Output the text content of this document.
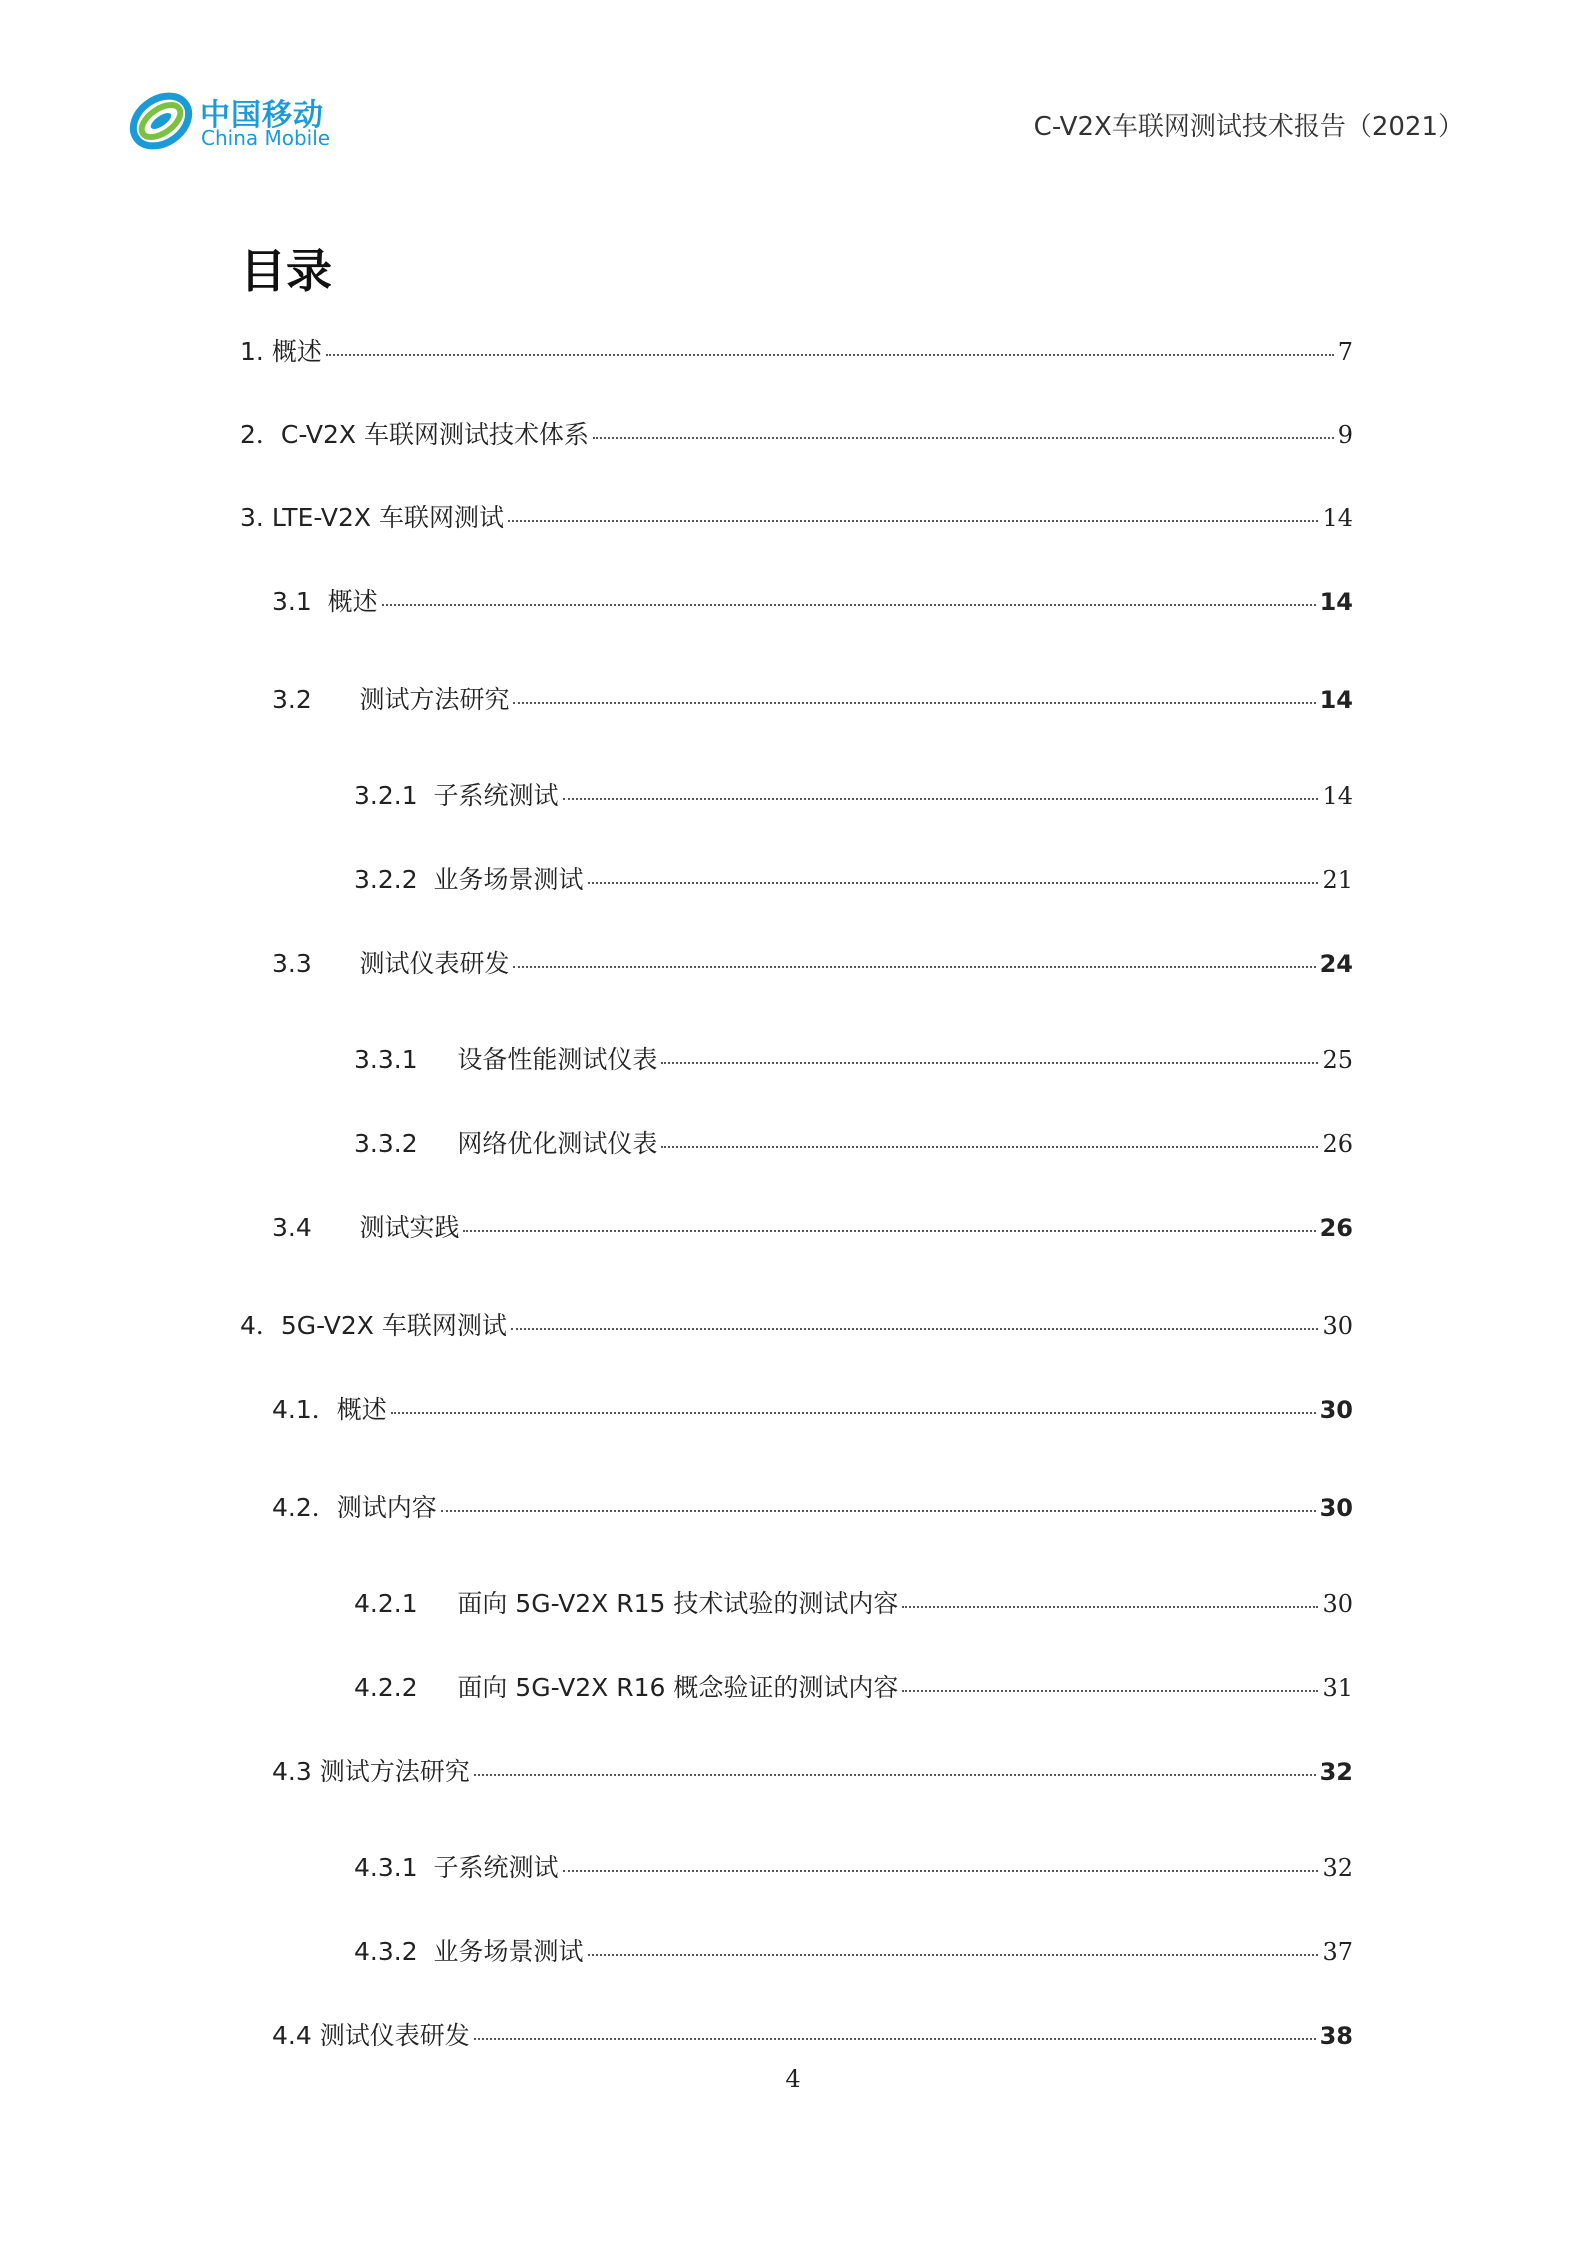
中国移动
China Mobile	C-V2X车联网测试技术报告（2021）
目录
1. 概述	7
2． C-V2X 车联网测试技术体系	9
3. LTE-V2X 车联网测试	14
3.1 概述	14
3.2 测试方法研究	14
3.2.1 子系统测试	14
3.2.2 业务场景测试	21
3.3 测试仪表研发	24
3.3.1 设备性能测试仪表	25
3.3.2 网络优化测试仪表	26
3.4 测试实践	26
4． 5G-V2X 车联网测试	30
4.1． 概述	30
4.2． 测试内容	30
4.2.1 面向 5G-V2X R15 技术试验的测试内容	30
4.2.2 面向 5G-V2X R16 概念验证的测试内容	31
4.3 测试方法研究	32
4.3.1 子系统测试	32
4.3.2 业务场景测试	37
4.4 测试仪表研发	38
4
